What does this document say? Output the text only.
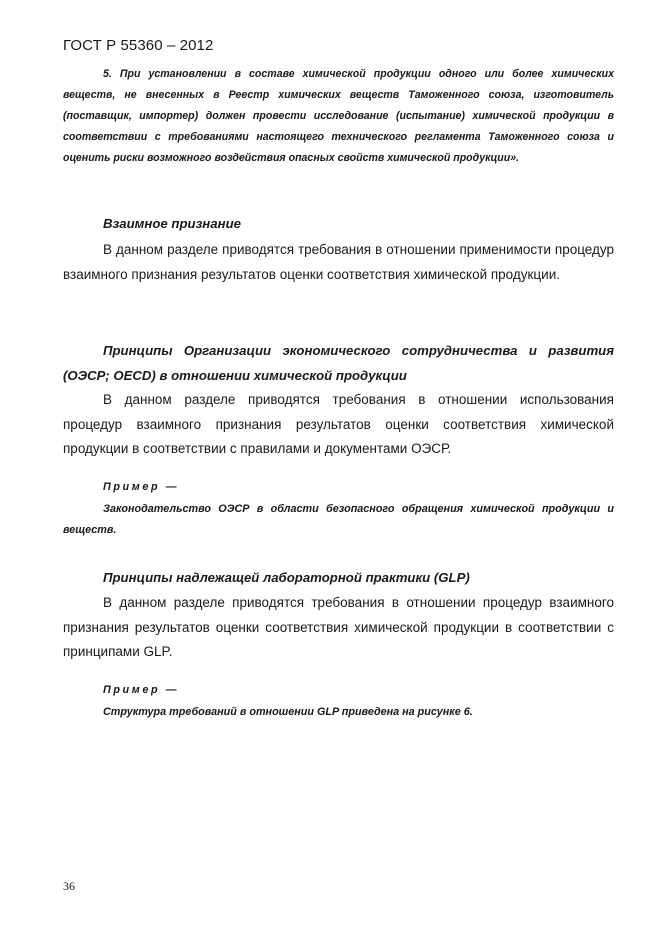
ГОСТ Р 55360 – 2012
5. При установлении в составе химической продукции одного или более химических веществ, не внесенных в Реестр химических веществ Таможенного союза, изготовитель (поставщик, импортер) должен провести исследование (испытание) химической продукции в соответствии с требованиями настоящего технического регламента Таможенного союза и оценить риски возможного воздействия опасных свойств химической продукции».
Взаимное признание
В данном разделе приводятся требования в отношении применимости процедур взаимного признания результатов оценки соответствия химической продукции.
Принципы Организации экономического сотрудничества и развития (ОЭСР; OECD) в отношении химической продукции
В данном разделе приводятся требования в отношении использования процедур взаимного признания результатов оценки соответствия химической продукции в соответствии с правилами и документами ОЭСР.
Пример —
Законодательство ОЭСР в области безопасного обращения химической продукции и веществ.
Принципы надлежащей лабораторной практики (GLP)
В данном разделе приводятся требования в отношении процедур взаимного признания результатов оценки соответствия химической продукции в соответствии с принципами GLP.
Пример —
Структура требований в отношении GLP приведена на рисунке 6.
36
